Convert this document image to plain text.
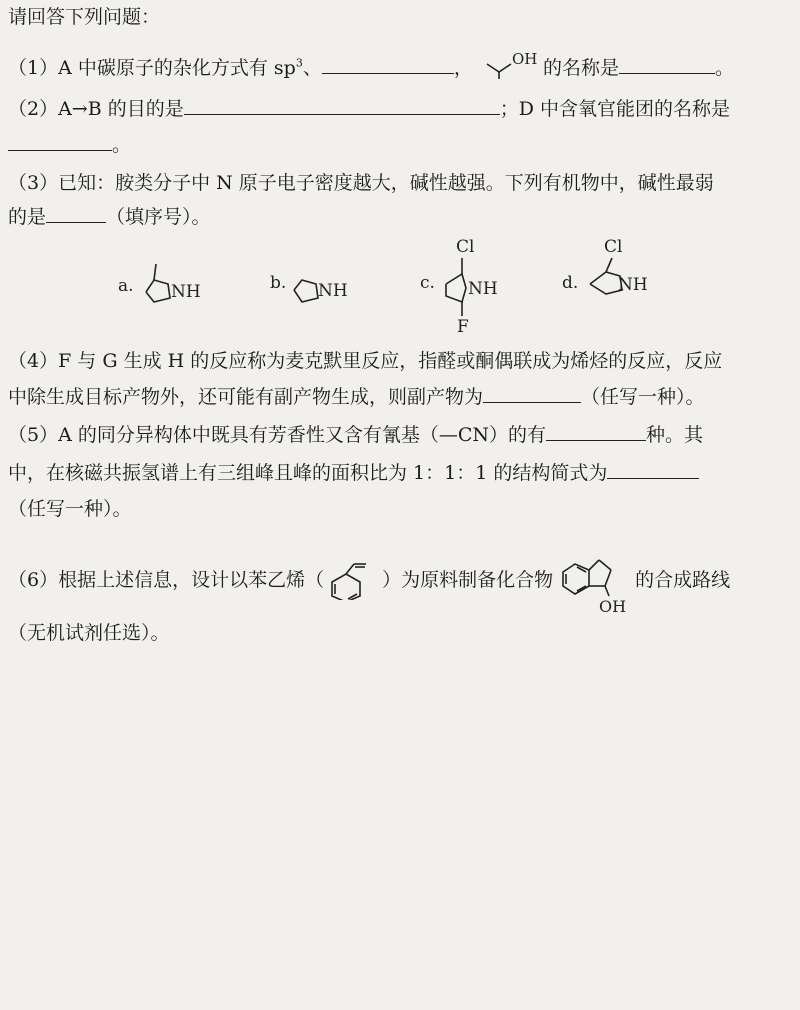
请回答下列问题：
（1）A 中碳原子的杂化方式有 $sp^3$、	，	OH 的名称是	。
（2）A→B 的目的是	；D 中含氧官能团的名称是
。
（3）已知：胺类分子中 N 原子电子密度越大，碱性越强。下列有机物中，碱性最弱
的是	（填序号）。
a. NH	b. NH	c.
Cl
NH
F
d.
Cl
NH
（4）F 与 G 生成 H 的反应称为麦克默里反应，指醛或酮偶联成为烯烃的反应，反应
中除生成目标产物外，还可能有副产物生成，则副产物为	（任写一种）。
（5）A 的同分异构体中既具有芳香性又含有氰基（—CN）的有	种。其
中，在核磁共振氢谱上有三组峰且峰的面积比为 1：1：1 的结构简式为
（任写一种）。
（6）根据上述信息，设计以苯乙烯（	）为原料制备化合物
OH
的合成路线
（无机试剂任选）。
